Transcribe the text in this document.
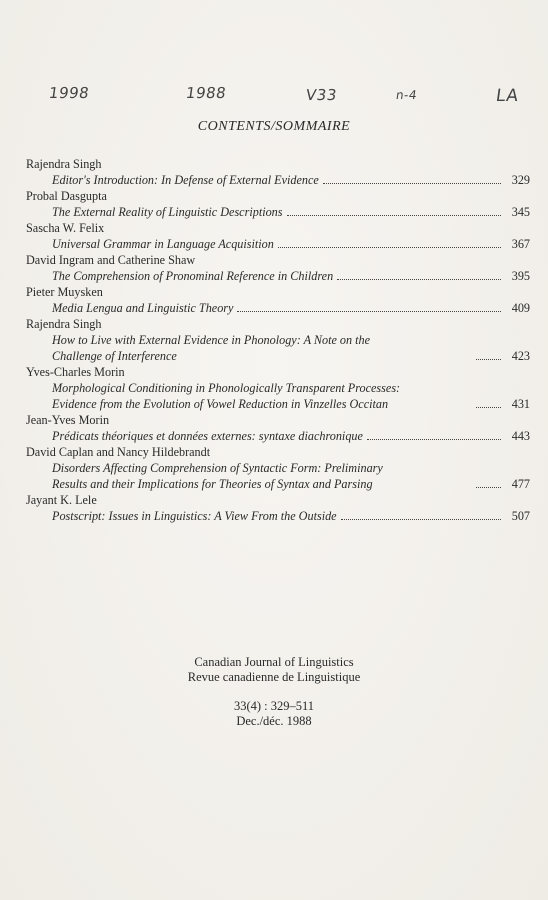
1998	1988	V33	n-4	LA
CONTENTS/SOMMAIRE
Rajendra Singh
Editor's Introduction: In Defense of External Evidence	329
Probal Dasgupta
The External Reality of Linguistic Descriptions	345
Sascha W. Felix
Universal Grammar in Language Acquisition	367
David Ingram and Catherine Shaw
The Comprehension of Pronominal Reference in Children	395
Pieter Muysken
Media Lengua and Linguistic Theory	409
Rajendra Singh
How to Live with External Evidence in Phonology: A Note on the
Challenge of Interference	423
Yves-Charles Morin
Morphological Conditioning in Phonologically Transparent Processes:
Evidence from the Evolution of Vowel Reduction in Vinzelles Occitan	431
Jean-Yves Morin
Prédicats théoriques et données externes: syntaxe diachronique	443
David Caplan and Nancy Hildebrandt
Disorders Affecting Comprehension of Syntactic Form: Preliminary
Results and their Implications for Theories of Syntax and Parsing	477
Jayant K. Lele
Postscript: Issues in Linguistics: A View From the Outside	507
Canadian Journal of Linguistics
Revue canadienne de Linguistique
33(4) : 329–511
Dec./déc. 1988
